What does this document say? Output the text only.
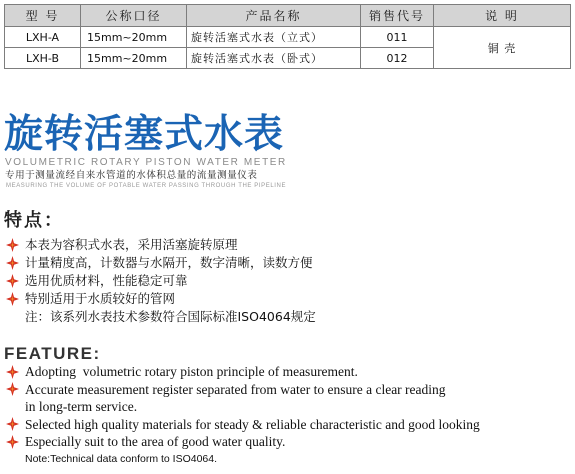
型 号	公称口径	产品名称	销售代号	说 明
LXH-A	15mm~20mm	旋转活塞式水表（立式）	011	铜 壳
LXH-B	15mm~20mm	旋转活塞式水表（卧式）	012	
旋转活塞式水表

VOLUMETRIC ROTARY PISTON WATER METER

专用于测量流经自来水管道的水体积总量的流量测量仪表

MEASURING THE VOLUME OF POTABLE WATER PASSING THROUGH THE PIPELINE

特点：
本表为容积式水表，采用活塞旋转原理
计量精度高，计数器与水隔开，数字清晰，读数方便
选用优质材料，性能稳定可靠
特别适用于水质较好的管网
注：该系列水表技术参数符合国际标准ISO4064规定
FEATURE:
Adopting  volumetric rotary piston principle of measurement.
Accurate measurement register separated from water to ensure a clear reading
in long-term service.
Selected high quality materials for steady & reliable characteristic and good looking
Especially suit to the area of good water quality.
Note:Technical data conform to ISO4064.
